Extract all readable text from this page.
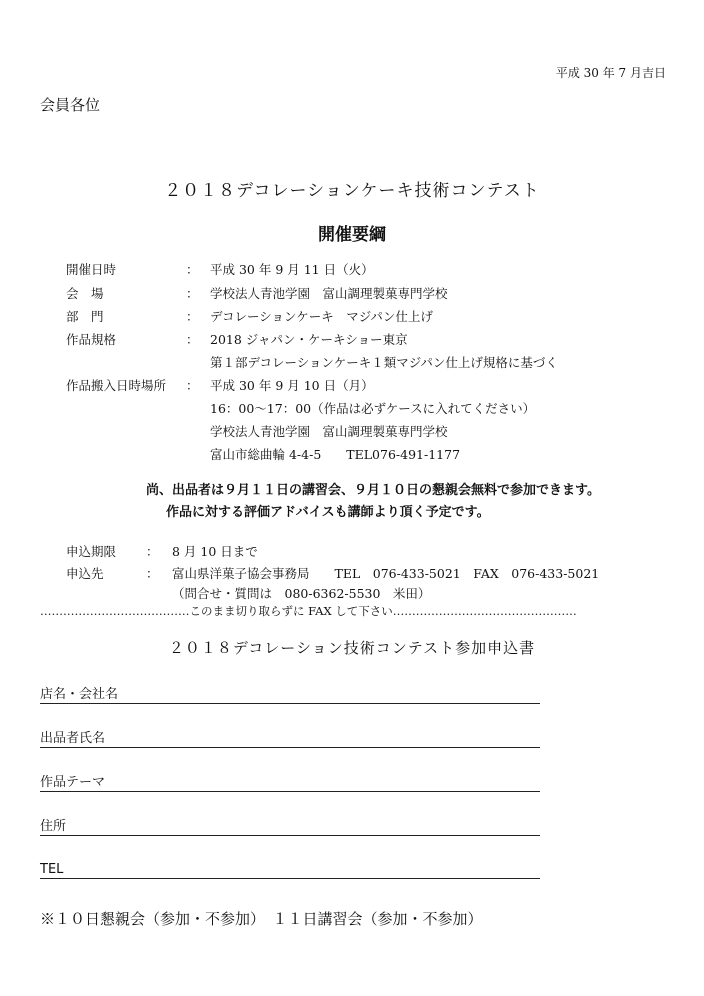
平成 30 年 7 月吉日
会員各位
２０１８デコレーションケーキ技術コンテスト
開催要綱
開催日時	： 平成 30 年 9 月 11 日（火）
会　場	： 学校法人青池学園　富山調理製菓専門学校
部　門	： デコレーションケーキ　マジパン仕上げ
作品規格	： 2018 ジャパン・ケーキショー東京
第１部デコレーションケーキ１類マジパン仕上げ規格に基づく
作品搬入日時場所 ： 平成 30 年 9 月 10 日（月）
16：00～17：00（作品は必ずケースに入れてください）
学校法人青池学園　富山調理製菓専門学校
富山市総曲輪 4-4-5　　TEL076-491-1177
尚、出品者は９月１１日の講習会、９月１０日の懇親会無料で参加できます。
作品に対する評価アドバイスも講師より頂く予定です。
申込期限 ： 8 月 10 日まで
申込先	： 富山県洋菓子協会事務局　　TEL　076-433-5021　FAX　076-433-5021
（問合せ・質問は　080-6362-5530　米田）
…………………………………このまま切り取らずに FAX して下さい…………………………………………
２０１８デコレーション技術コンテスト参加申込書
店名・会社名
出品者氏名
作品テーマ
住所
TEL
※１０日懇親会（参加・不参加）　１１日講習会（参加・不参加）
